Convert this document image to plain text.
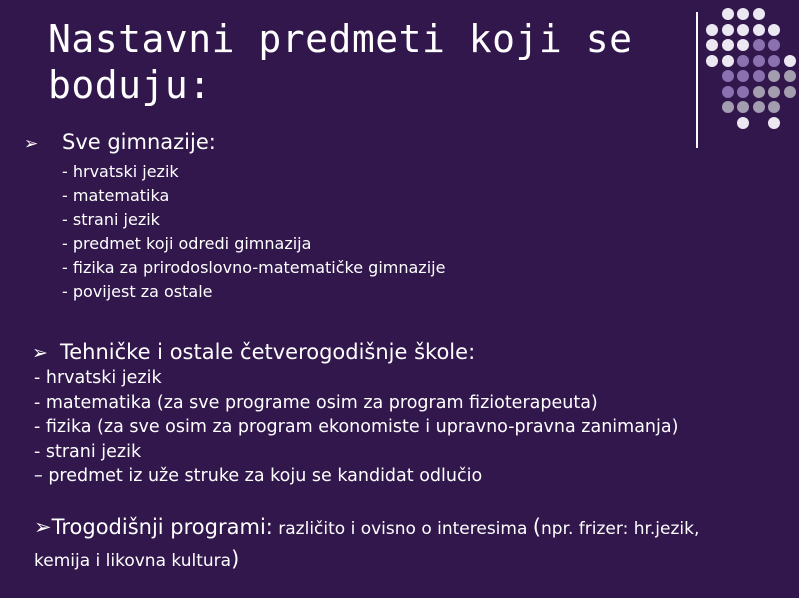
Nastavni predmeti koji se
boduju:
➢ Sve gimnazije:
- hrvatski jezik
- matematika
- strani jezik
- predmet koji odredi gimnazija
- fizika za prirodoslovno-matematičke gimnazije
- povijest za ostale
➢ Tehničke i ostale četverogodišnje škole:
- hrvatski jezik
- matematika (za sve programe osim za program fizioterapeuta)
- fizika (za sve osim za program ekonomiste i upravno-pravna zanimanja)
- strani jezik
– predmet iz uže struke za koju se kandidat odlučio
➢Trogodišnji programi: različito i ovisno o interesima (npr. frizer: hr.jezik,
kemija i likovna kultura)
